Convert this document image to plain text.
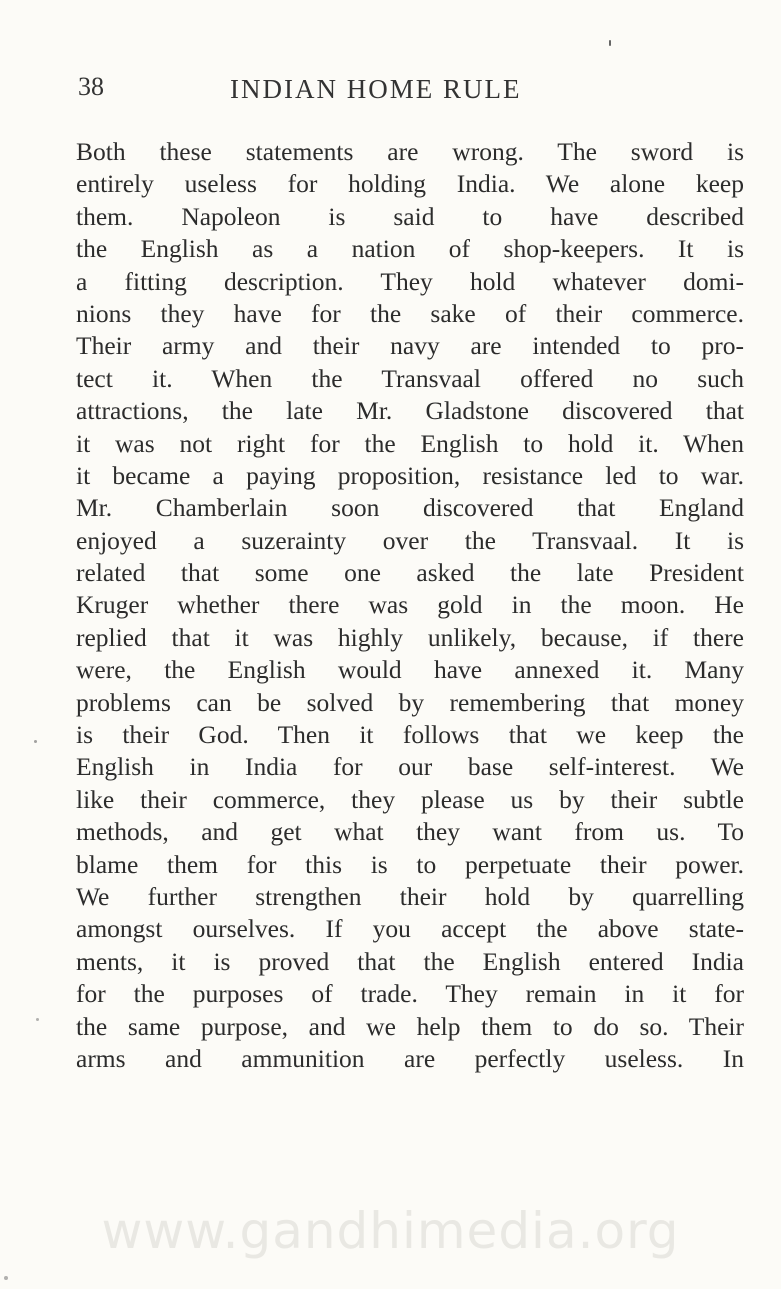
38	INDIAN HOME RULE
Both these statements are wrong. The sword is
entirely useless for holding India. We alone keep
them. Napoleon is said to have described
the English as a nation of shop-keepers. It is
a fitting description. They hold whatever domi-
nions they have for the sake of their commerce.
Their army and their navy are intended to pro-
tect it. When the Transvaal offered no such
attractions, the late Mr. Gladstone discovered that
it was not right for the English to hold it. When
it became a paying proposition, resistance led to war.
Mr. Chamberlain soon discovered that England
enjoyed a suzerainty over the Transvaal. It is
related that some one asked the late President
Kruger whether there was gold in the moon. He
replied that it was highly unlikely, because, if there
were, the English would have annexed it. Many
problems can be solved by remembering that money
is their God. Then it follows that we keep the
English in India for our base self-interest. We
like their commerce, they please us by their subtle
methods, and get what they want from us. To
blame them for this is to perpetuate their power.
We further strengthen their hold by quarrelling
amongst ourselves. If you accept the above state-
ments, it is proved that the English entered India
for the purposes of trade. They remain in it for
the same purpose, and we help them to do so. Their
arms and ammunition are perfectly useless. In
www.gandhimedia.org
